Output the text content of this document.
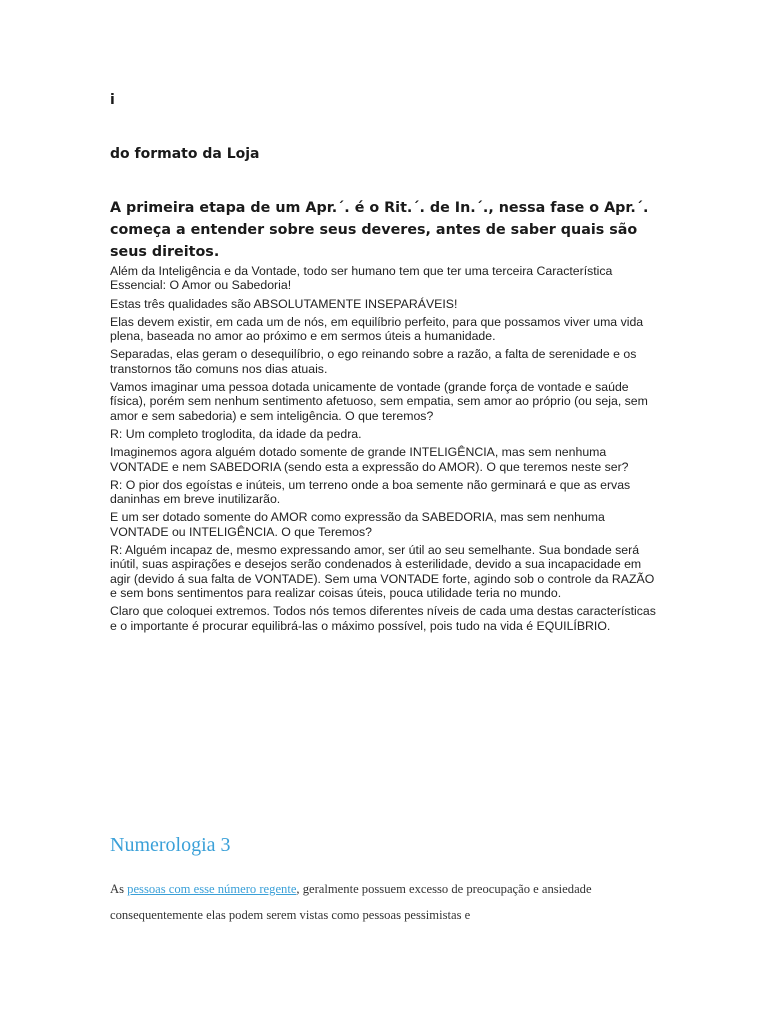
i
do formato da Loja
A primeira etapa de um Apr.´. é o Rit.´. de In.´., nessa fase o Apr.´. começa a entender sobre seus deveres, antes de saber quais são seus direitos.

Além da Inteligência e da Vontade, todo ser humano tem que ter uma terceira Característica Essencial: O Amor ou Sabedoria!

Estas três qualidades são ABSOLUTAMENTE INSEPARÁVEIS!

Elas devem existir, em cada um de nós, em equilíbrio perfeito, para que possamos viver uma vida plena, baseada no amor ao próximo e em sermos úteis a humanidade.

Separadas, elas geram o desequilíbrio, o ego reinando sobre a razão, a falta de serenidade e os transtornos tão comuns nos dias atuais.

Vamos imaginar uma pessoa dotada unicamente de vontade (grande força de vontade e saúde física), porém sem nenhum sentimento afetuoso, sem empatia, sem amor ao próprio (ou seja, sem amor e sem sabedoria) e sem inteligência. O que teremos?

R: Um completo troglodita, da idade da pedra.

Imaginemos agora alguém dotado somente de grande INTELIGÊNCIA, mas sem nenhuma VONTADE e nem SABEDORIA (sendo esta a expressão do AMOR). O que teremos neste ser?

R: O pior dos egoístas e inúteis, um terreno onde a boa semente não germinará e que as ervas daninhas em breve inutilizarão.

E um ser dotado somente do AMOR como expressão da SABEDORIA, mas sem nenhuma VONTADE ou INTELIGÊNCIA. O que Teremos?

R: Alguém incapaz de, mesmo expressando amor, ser útil ao seu semelhante. Sua bondade será inútil, suas aspirações e desejos serão condenados à esterilidade, devido a sua incapacidade em agir (devido á sua falta de VONTADE). Sem uma VONTADE forte, agindo sob o controle da RAZÃO e sem bons sentimentos para realizar coisas úteis, pouca utilidade teria no mundo.

Claro que coloquei extremos. Todos nós temos diferentes níveis de cada uma destas características e o importante é procurar equilibrá-las o máximo possível, pois tudo na vida é EQUILÍBRIO.

Numerologia 3
As pessoas com esse número regente, geralmente possuem excesso de preocupação e ansiedade consequentemente elas podem serem vistas como pessoas pessimistas e
